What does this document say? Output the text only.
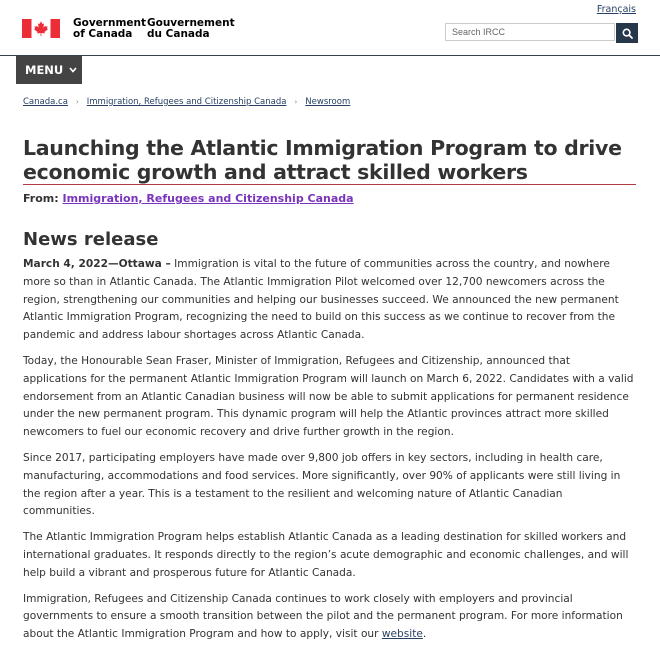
Français
Government
of Canada
Gouvernement
du Canada
Search IRCC
MENU
Canada.ca › Immigration, Refugees and Citizenship Canada › Newsroom
Launching the Atlantic Immigration Program to drive economic growth and attract skilled workers
From: Immigration, Refugees and Citizenship Canada
News release

March 4, 2022—Ottawa – Immigration is vital to the future of communities across the country, and nowhere more so than in Atlantic Canada. The Atlantic Immigration Pilot welcomed over 12,700 newcomers across the region, strengthening our communities and helping our businesses succeed. We announced the new permanent Atlantic Immigration Program, recognizing the need to build on this success as we continue to recover from the pandemic and address labour shortages across Atlantic Canada.

Today, the Honourable Sean Fraser, Minister of Immigration, Refugees and Citizenship, announced that applications for the permanent Atlantic Immigration Program will launch on March 6, 2022. Candidates with a valid endorsement from an Atlantic Canadian business will now be able to submit applications for permanent residence under the new permanent program. This dynamic program will help the Atlantic provinces attract more skilled newcomers to fuel our economic recovery and drive further growth in the region.

Since 2017, participating employers have made over 9,800 job offers in key sectors, including in health care, manufacturing, accommodations and food services. More significantly, over 90% of applicants were still living in the region after a year. This is a testament to the resilient and welcoming nature of Atlantic Canadian communities.

The Atlantic Immigration Program helps establish Atlantic Canada as a leading destination for skilled workers and international graduates. It responds directly to the region’s acute demographic and economic challenges, and will help build a vibrant and prosperous future for Atlantic Canada.

Immigration, Refugees and Citizenship Canada continues to work closely with employers and provincial governments to ensure a smooth transition between the pilot and the permanent program. For more information about the Atlantic Immigration Program and how to apply, visit our website.
